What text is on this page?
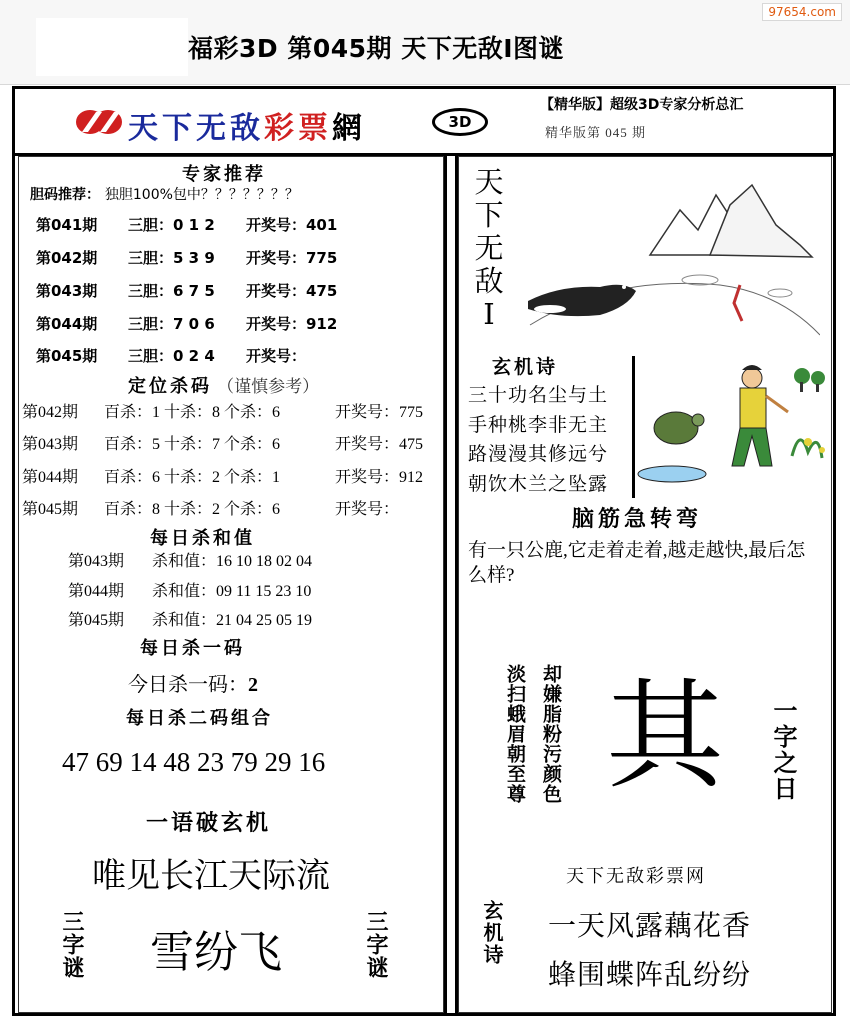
福彩3D 第045期 天下无敌Ⅰ图谜
97654.com
天下无敌彩票網	3D
【精华版】超级3D专家分析总汇
精华版第 045 期
专家推荐
胆码推荐： 独胆100%包中？？？？？？？
第041期 三胆：0 1 2 开奖号：401
第042期 三胆：5 3 9 开奖号：775
第043期 三胆：6 7 5 开奖号：475
第044期 三胆：7 0 6 开奖号：912
第045期 三胆：0 2 4 开奖号：
定位杀码 （谨慎参考）
第042期 百杀：1 十杀：8 个杀：6	开奖号：775
第043期 百杀：5 十杀：7 个杀：6	开奖号：475
第044期 百杀：6 十杀：2 个杀：1	开奖号：912
第045期 百杀：8 十杀：2 个杀：6	开奖号：
每日杀和值
第043期 杀和值：16 10 18 02 04
第044期 杀和值：09 11 15 23 10
第045期 杀和值：21 04 25 05 19
每日杀一码
今日杀一码：2
每日杀二码组合
47 69 14 48 23 79 29 16
一语破玄机
唯见长江天际流
三字谜 雪纷飞	三字谜
天下无敌Ⅰ
玄机诗
三十功名尘与土
手种桃李非无主
路漫漫其修远兮
朝饮木兰之坠露
脑筋急转弯
有一只公鹿,它走着走着,越走越快,最后怎么样?
淡扫蛾眉朝至尊 却嫌脂粉污颜色 其 一字之日
天下无敌彩票网
玄机诗 一天风露藕花香
蜂围蝶阵乱纷纷
